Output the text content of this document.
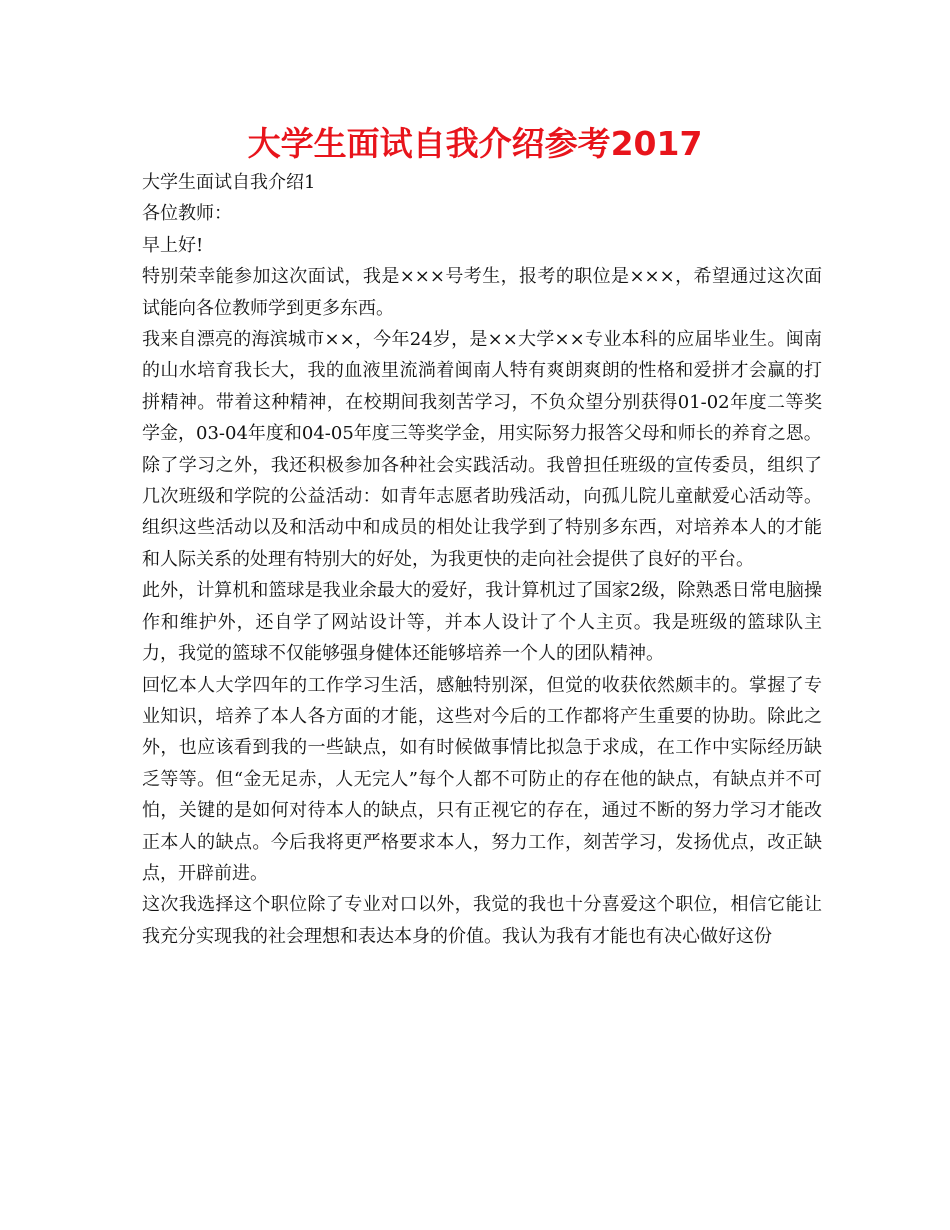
大学生面试自我介绍参考2017

大学生面试自我介绍1

各位教师：

早上好!

特别荣幸能参加这次面试，我是×××号考生，报考的职位是×××，希望通过这次面试能向各位教师学到更多东西。

我来自漂亮的海滨城市××，今年24岁，是××大学××专业本科的应届毕业生。闽南的山水培育我长大，我的血液里流淌着闽南人特有爽朗爽朗的性格和爱拼才会赢的打拼精神。带着这种精神，在校期间我刻苦学习，不负众望分别获得01-02年度二等奖学金，03-04年度和04-05年度三等奖学金，用实际努力报答父母和师长的养育之恩。

除了学习之外，我还积极参加各种社会实践活动。我曾担任班级的宣传委员，组织了几次班级和学院的公益活动：如青年志愿者助残活动，向孤儿院儿童献爱心活动等。组织这些活动以及和活动中和成员的相处让我学到了特别多东西，对培养本人的才能和人际关系的处理有特别大的好处，为我更快的走向社会提供了良好的平台。

此外，计算机和篮球是我业余最大的爱好，我计算机过了国家2级，除熟悉日常电脑操作和维护外，还自学了网站设计等，并本人设计了个人主页。我是班级的篮球队主力，我觉的篮球不仅能够强身健体还能够培养一个人的团队精神。

回忆本人大学四年的工作学习生活，感触特别深，但觉的收获依然颇丰的。掌握了专业知识，培养了本人各方面的才能，这些对今后的工作都将产生重要的协助。除此之外，也应该看到我的一些缺点，如有时候做事情比拟急于求成，在工作中实际经历缺乏等等。但“金无足赤，人无完人”每个人都不可防止的存在他的缺点，有缺点并不可怕，关键的是如何对待本人的缺点，只有正视它的存在，通过不断的努力学习才能改正本人的缺点。今后我将更严格要求本人，努力工作，刻苦学习，发扬优点，改正缺点，开辟前进。

这次我选择这个职位除了专业对口以外，我觉的我也十分喜爱这个职位，相信它能让我充分实现我的社会理想和表达本身的价值。我认为我有才能也有决心做好这份
